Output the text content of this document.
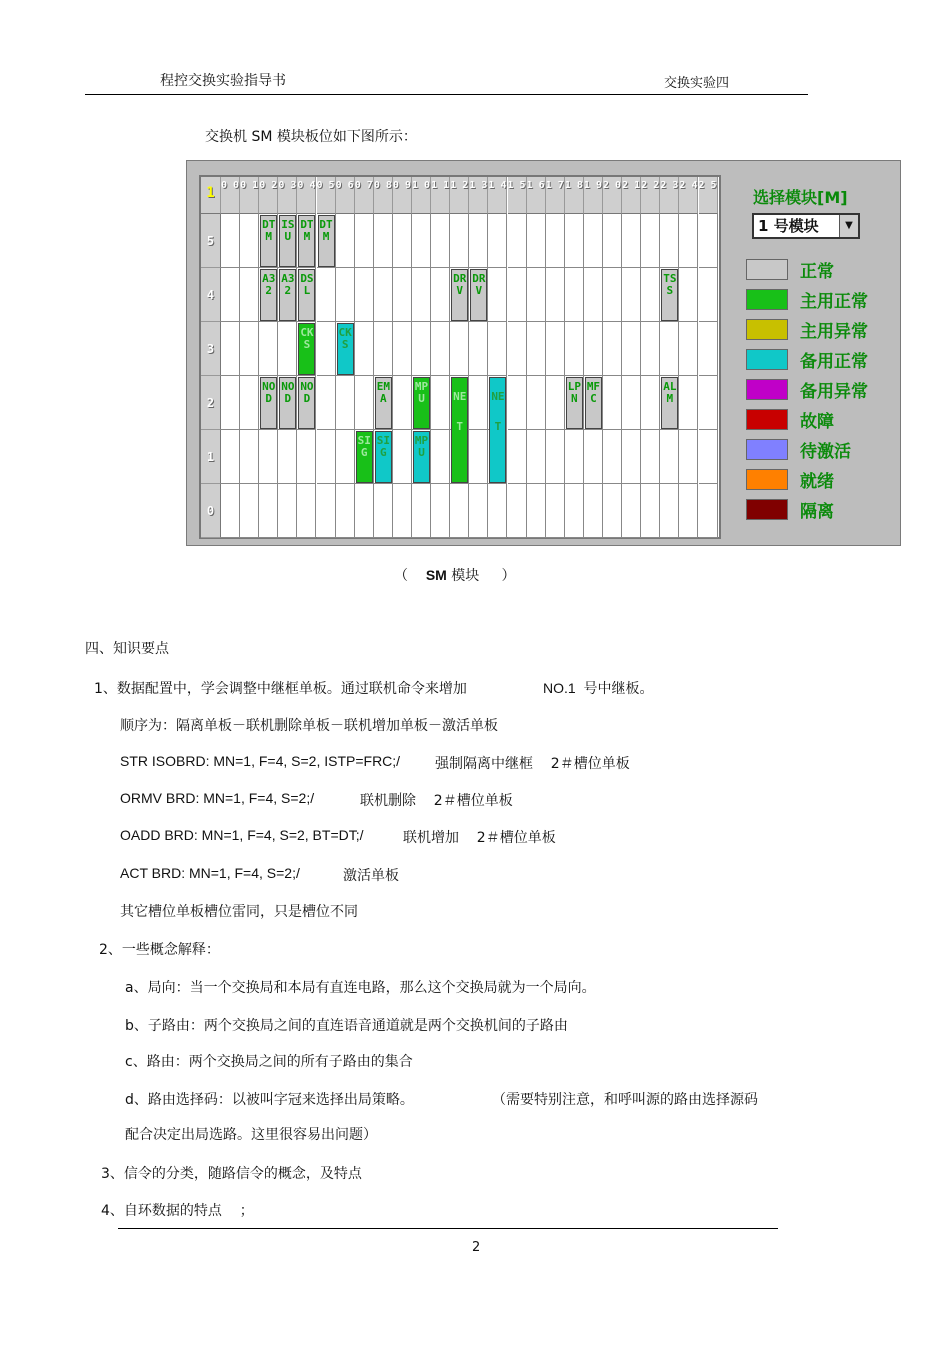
程控交换实验指导书	交换实验四
交换机 SM 模块板位如下图所示：
1 0 0 0 1 0 2 0 3 0 4 0 5 0 6 0 7 0 8 0 9 1 0 1 1 1 2 1 3 1 4 1 5 1 6 1 7 1 8 1 9 2 0 2 1 2 2 2 3 2 4 2 5
5
4
3
2
1
0
DTM
ISU
DTM
DTM
A32
A32
DSL
DRV
DRV
TSS
CKS
CKS
NOD
NOD
NOD
EMA
MPU	NET
NET
LPN
MFC
ALM
SIG
SIG
MPU
选择模块[M]
1 号模块	▼
正常
主用正常
主用异常
备用正常
备用异常
故障
待激活
就绪
隔离
（ SM 模块 ）
四、知识要点
1、数据配置中，学会调整中继框单板。通过联机命令来增加	NO.1  号中继板。
顺序为：隔离单板－联机删除单板－联机增加单板－激活单板
STR ISOBRD: MN=1, F=4, S=2, ISTP=FRC;/ 强制隔离中继框    2＃槽位单板
ORMV BRD: MN=1, F=4, S=2;/	联机删除    2＃槽位单板
OADD BRD: MN=1, F=4, S=2, BT=DT;/	联机增加    2＃槽位单板
ACT BRD: MN=1, F=4, S=2;/	激活单板
其它槽位单板槽位雷同，只是槽位不同
2、一些概念解释：
a、局向：当一个交换局和本局有直连电路，那么这个交换局就为一个局向。
b、子路由：两个交换局之间的直连语音通道就是两个交换机间的子路由
c、路由：两个交换局之间的所有子路由的集合
d、路由选择码：以被叫字冠来选择出局策略。	（需要特别注意，和呼叫源的路由选择源码
配合决定出局选路。这里很容易出问题）
3、信令的分类，随路信令的概念，及特点
4、自环数据的特点    ；
2
